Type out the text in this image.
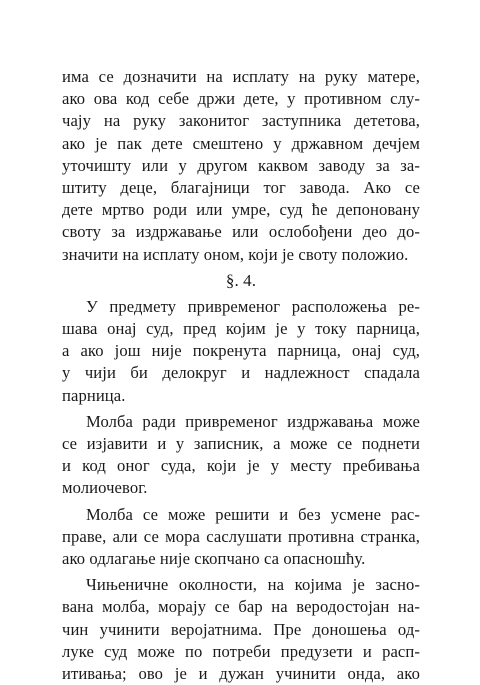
има се дозначити на исплату на руку матере,
ако ова код себе држи дете, у противном слу-
чају на руку законитог заступника дететова,
ако је пак дете смештено у државном дечјем
уточишту или у другом каквом заводу за за-
штиту деце, благајници тог завода. Ако се
дете мртво роди или умре, суд ће депоновану
своту за издржавање или ослобођени део до-
значити на исплату оном, који је своту положио.
§. 4.
У предмету привременог расположења ре-
шава онај суд, пред којим је у току парница,
а ако још није покренута парница, онај суд,
у чији би делокруг и надлежност спадала
парница.
Молба ради привременог издржавања може
се изјавити и у записник, а може се поднети
и код оног суда, који је у месту пребивања
молиочевог.
Молба се може решити и без усмене рас-
праве, али се мора саслушати противна странка,
ако одлагање није скопчано са опасношћу.
Чињеничне околности, на којима је засно-
вана молба, морају се бар на веродостојан на-
чин учинити вероjатнима. Пре доношења од-
луке суд може по потреби предузети и расп-
итивања; ово је и дужан учинити онда, ако
